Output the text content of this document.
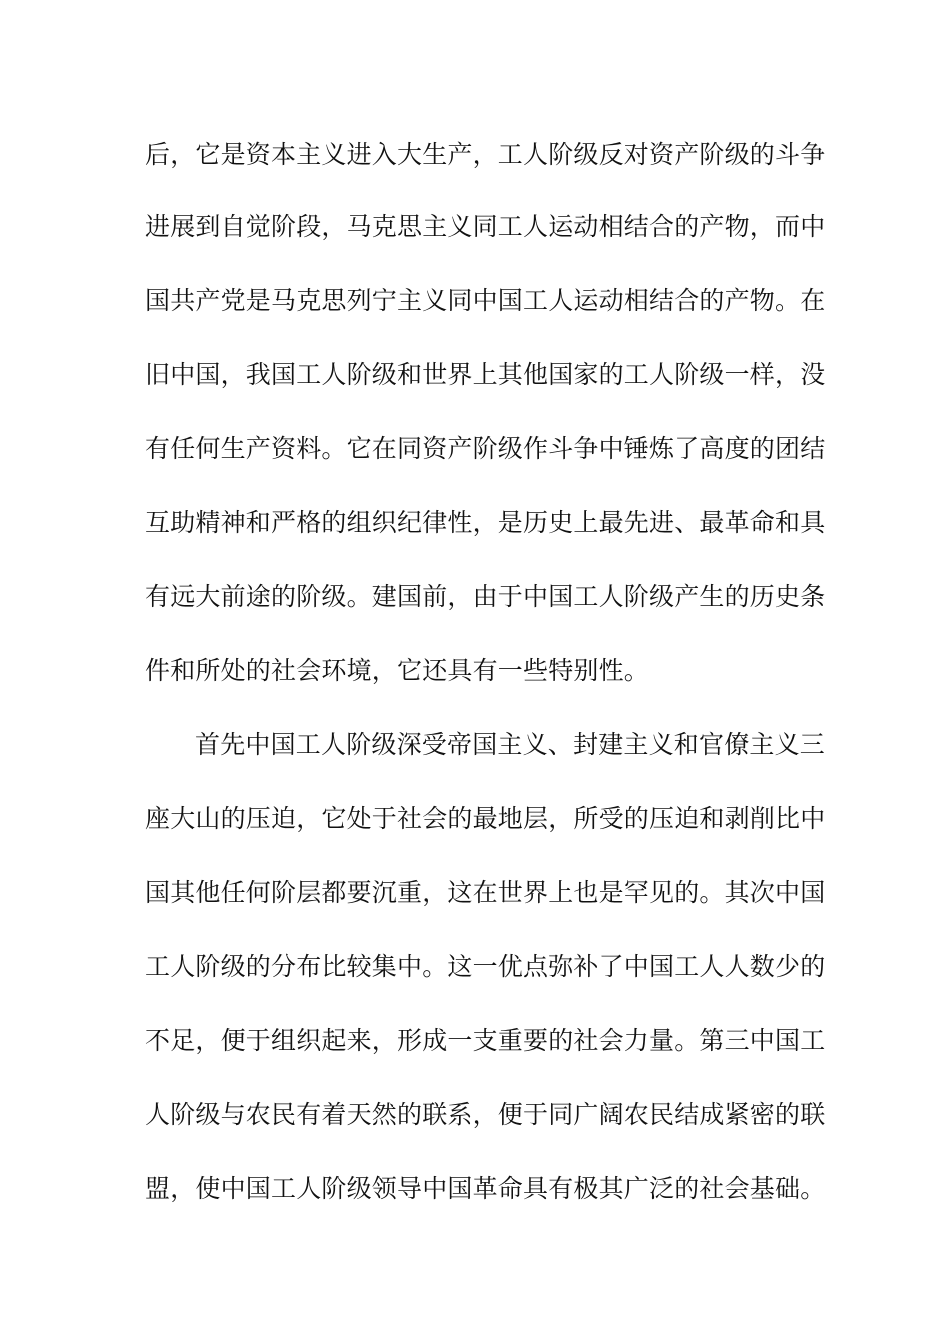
后，它是资本主义进入大生产，工人阶级反对资产阶级的斗争
进展到自觉阶段，马克思主义同工人运动相结合的产物，而中
国共产党是马克思列宁主义同中国工人运动相结合的产物。在
旧中国，我国工人阶级和世界上其他国家的工人阶级一样，没
有任何生产资料。它在同资产阶级作斗争中锤炼了高度的团结
互助精神和严格的组织纪律性，是历史上最先进、最革命和具
有远大前途的阶级。建国前，由于中国工人阶级产生的历史条
件和所处的社会环境，它还具有一些特别性。
首先中国工人阶级深受帝国主义、封建主义和官僚主义三
座大山的压迫，它处于社会的最地层，所受的压迫和剥削比中
国其他任何阶层都要沉重，这在世界上也是罕见的。其次中国
工人阶级的分布比较集中。这一优点弥补了中国工人人数少的
不足，便于组织起来，形成一支重要的社会力量。第三中国工
人阶级与农民有着天然的联系，便于同广阔农民结成紧密的联
盟，使中国工人阶级领导中国革命具有极其广泛的社会基础。
